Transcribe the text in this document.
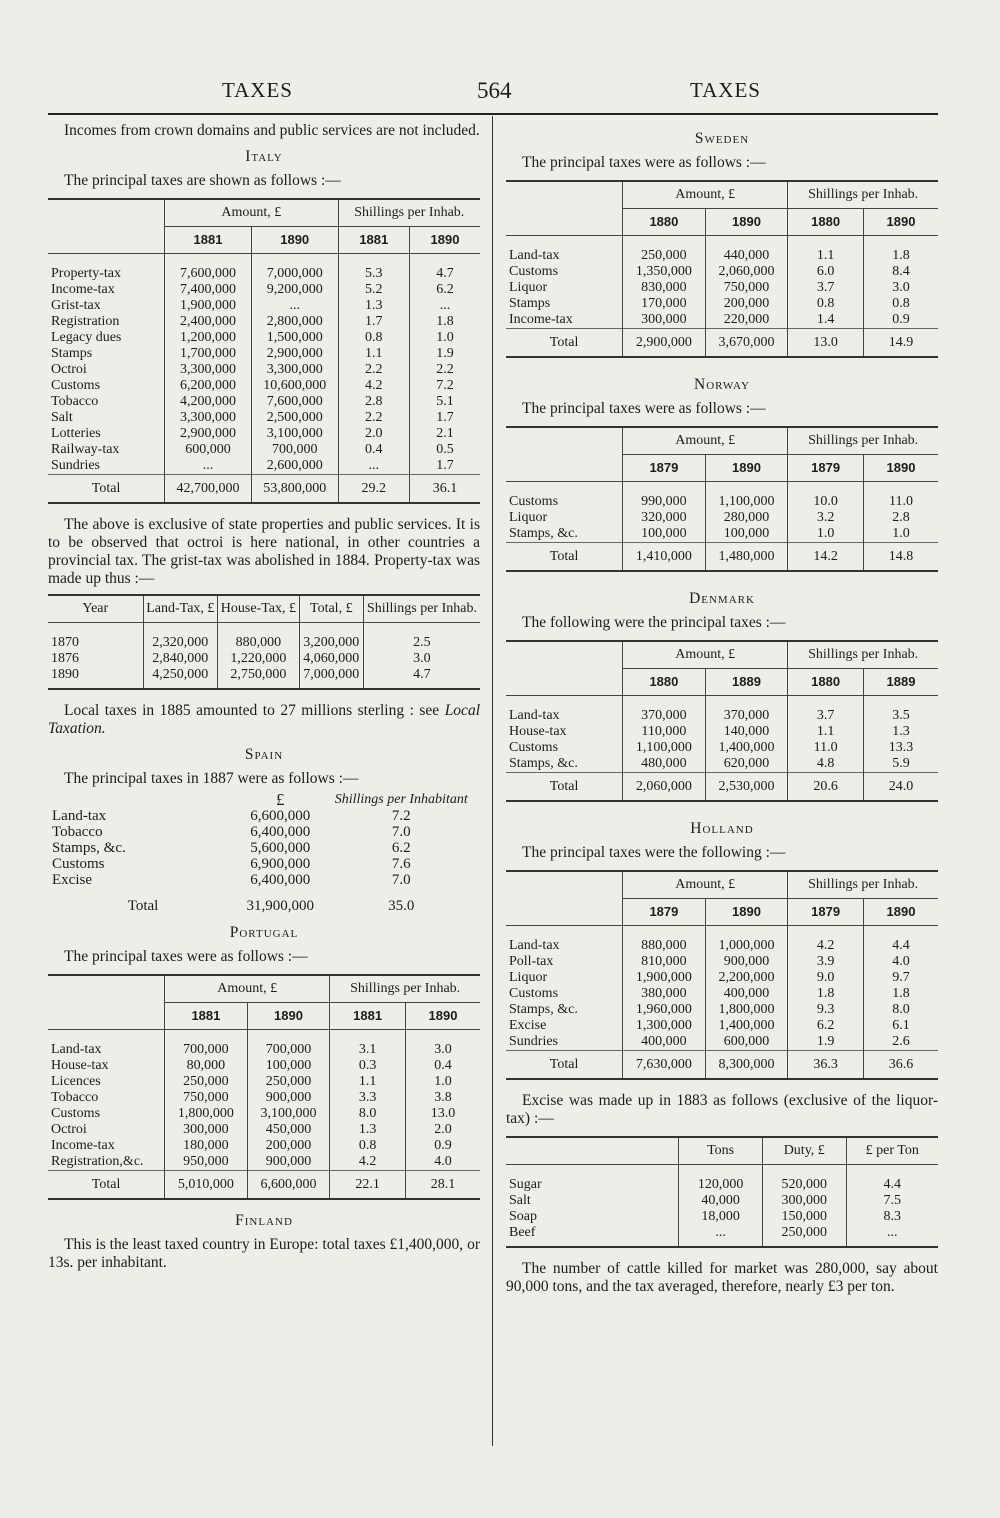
TAXES	564	TAXES

Incomes from crown domains and public services are not included.

Italy

The principal taxes are shown as follows :—

	Amount, £		Shillings per Inhab.	
	1881	1890	1881	1890
Property-tax	7,600,000	7,000,000	5.3	4.7
Income-tax	7,400,000	9,200,000	5.2	6.2
Grist-tax	1,900,000	...	1.3	...
Registration	2,400,000	2,800,000	1.7	1.8
Legacy dues	1,200,000	1,500,000	0.8	1.0
Stamps	1,700,000	2,900,000	1.1	1.9
Octroi	3,300,000	3,300,000	2.2	2.2
Customs	6,200,000	10,600,000	4.2	7.2
Tobacco	4,200,000	7,600,000	2.8	5.1
Salt	3,300,000	2,500,000	2.2	1.7
Lotteries	2,900,000	3,100,000	2.0	2.1
Railway-tax	600,000	700,000	0.4	0.5
Sundries	...	2,600,000	...	1.7
Total	42,700,000	53,800,000	29.2	36.1

The above is exclusive of state properties and public services. It is to be observed that octroi is here national, in other countries a provincial tax. The grist-tax was abolished in 1884. Property-tax was made up thus :—

Year	Land-Tax, £	House-Tax, £	Total, £	Shillings per Inhab.
1870	2,320,000	880,000	3,200,000	2.5
1876	2,840,000	1,220,000	4,060,000	3.0
1890	4,250,000	2,750,000	7,000,000	4.7

Local taxes in 1885 amounted to 27 millions sterling : see Local Taxation.

Spain

The principal taxes in 1887 were as follows :—

	£	Shillings per Inhabitant
Land-tax	6,600,000	7.2
Tobacco	6,400,000	7.0
Stamps, &c.	5,600,000	6.2
Customs	6,900,000	7.6
Excise	6,400,000	7.0
Total	31,900,000	35.0
Portugal

The principal taxes were as follows :—

	Amount, £		Shillings per Inhab.	
	1881	1890	1881	1890
Land-tax	700,000	700,000	3.1	3.0
House-tax	80,000	100,000	0.3	0.4
Licences	250,000	250,000	1.1	1.0
Tobacco	750,000	900,000	3.3	3.8
Customs	1,800,000	3,100,000	8.0	13.0
Octroi	300,000	450,000	1.3	2.0
Income-tax	180,000	200,000	0.8	0.9
Registration,&c.	950,000	900,000	4.2	4.0
Total	5,010,000	6,600,000	22.1	28.1
Finland

This is the least taxed country in Europe: total taxes £1,400,000, or 13s. per inhabitant.

Sweden

The principal taxes were as follows :—

	Amount, £		Shillings per Inhab.	
	1880	1890	1880	1890
Land-tax	250,000	440,000	1.1	1.8
Customs	1,350,000	2,060,000	6.0	8.4
Liquor	830,000	750,000	3.7	3.0
Stamps	170,000	200,000	0.8	0.8
Income-tax	300,000	220,000	1.4	0.9
Total	2,900,000	3,670,000	13.0	14.9
Norway

The principal taxes were as follows :—

	Amount, £		Shillings per Inhab.	
	1879	1890	1879	1890
Customs	990,000	1,100,000	10.0	11.0
Liquor	320,000	280,000	3.2	2.8
Stamps, &c.	100,000	100,000	1.0	1.0
Total	1,410,000	1,480,000	14.2	14.8
Denmark

The following were the principal taxes :—

	Amount, £		Shillings per Inhab.	
	1880	1889	1880	1889
Land-tax	370,000	370,000	3.7	3.5
House-tax	110,000	140,000	1.1	1.3
Customs	1,100,000	1,400,000	11.0	13.3
Stamps, &c.	480,000	620,000	4.8	5.9
Total	2,060,000	2,530,000	20.6	24.0
Holland

The principal taxes were the following :—

	Amount, £		Shillings per Inhab.	
	1879	1890	1879	1890
Land-tax	880,000	1,000,000	4.2	4.4
Poll-tax	810,000	900,000	3.9	4.0
Liquor	1,900,000	2,200,000	9.0	9.7
Customs	380,000	400,000	1.8	1.8
Stamps, &c.	1,960,000	1,800,000	9.3	8.0
Excise	1,300,000	1,400,000	6.2	6.1
Sundries	400,000	600,000	1.9	2.6
Total	7,630,000	8,300,000	36.3	36.6

Excise was made up in 1883 as follows (exclusive of the liquor-tax) :—

	Tons	Duty, £	£ per Ton
Sugar	120,000	520,000	4.4
Salt	40,000	300,000	7.5
Soap	18,000	150,000	8.3
Beef	...	250,000	...

The number of cattle killed for market was 280,000, say about 90,000 tons, and the tax averaged, therefore, nearly £3 per ton.
